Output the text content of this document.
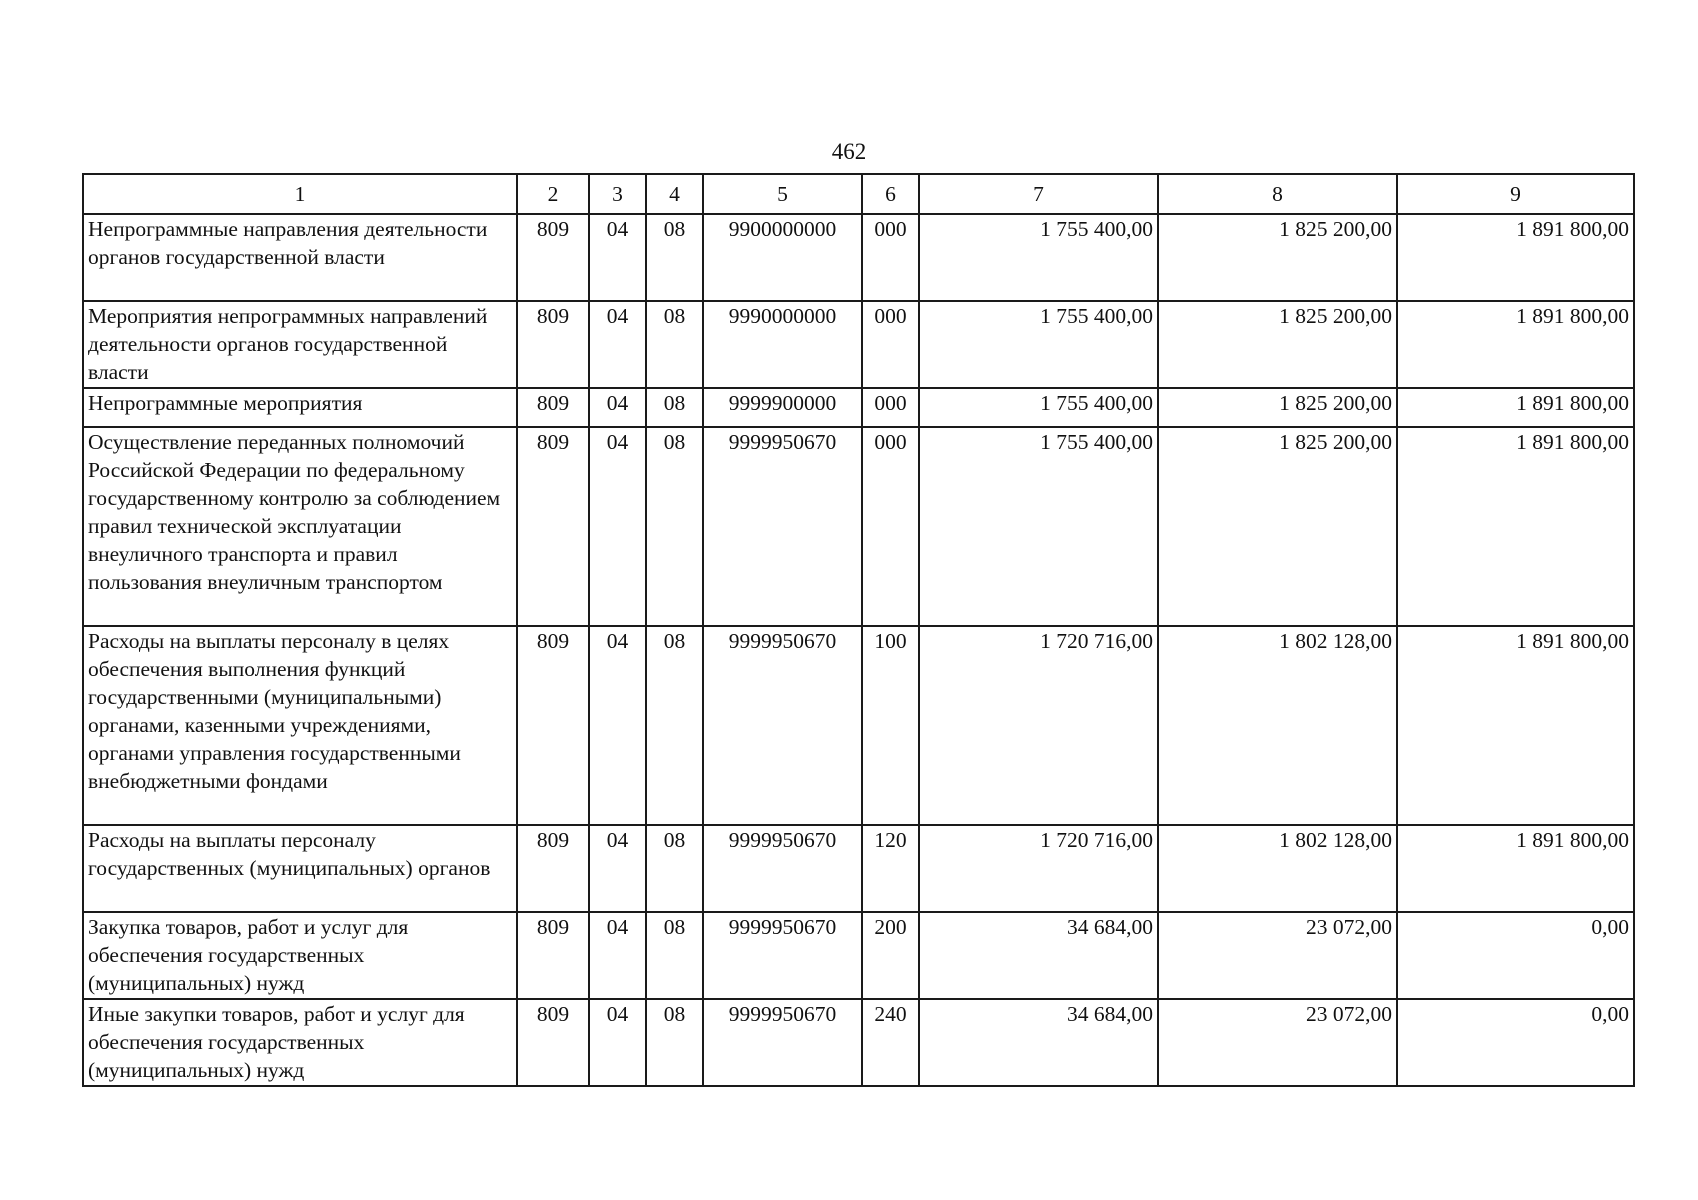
462
1	2	3	4	5	6	7	8	9
Непрограммные направления деятельности органов государственной власти	809	04	08	9900000000	000	1 755 400,00	1 825 200,00	1 891 800,00
Мероприятия непрограммных направлений деятельности органов государственной власти	809	04	08	9990000000	000	1 755 400,00	1 825 200,00	1 891 800,00
Непрограммные мероприятия	809	04	08	9999900000	000	1 755 400,00	1 825 200,00	1 891 800,00
Осуществление переданных полномочий Российской Федерации по федеральному государственному контролю за соблюдением правил технической эксплуатации внеуличного транспорта и правил пользования внеуличным транспортом	809	04	08	9999950670	000	1 755 400,00	1 825 200,00	1 891 800,00
Расходы на выплаты персоналу в целях обеспечения выполнения функций государственными (муниципальными) органами, казенными учреждениями, органами управления государственными внебюджетными фондами	809	04	08	9999950670	100	1 720 716,00	1 802 128,00	1 891 800,00
Расходы на выплаты персоналу государственных (муниципальных) органов	809	04	08	9999950670	120	1 720 716,00	1 802 128,00	1 891 800,00
Закупка товаров, работ и услуг для обеспечения государственных (муниципальных) нужд	809	04	08	9999950670	200	34 684,00	23 072,00	0,00
Иные закупки товаров, работ и услуг для обеспечения государственных (муниципальных) нужд	809	04	08	9999950670	240	34 684,00	23 072,00	0,00
